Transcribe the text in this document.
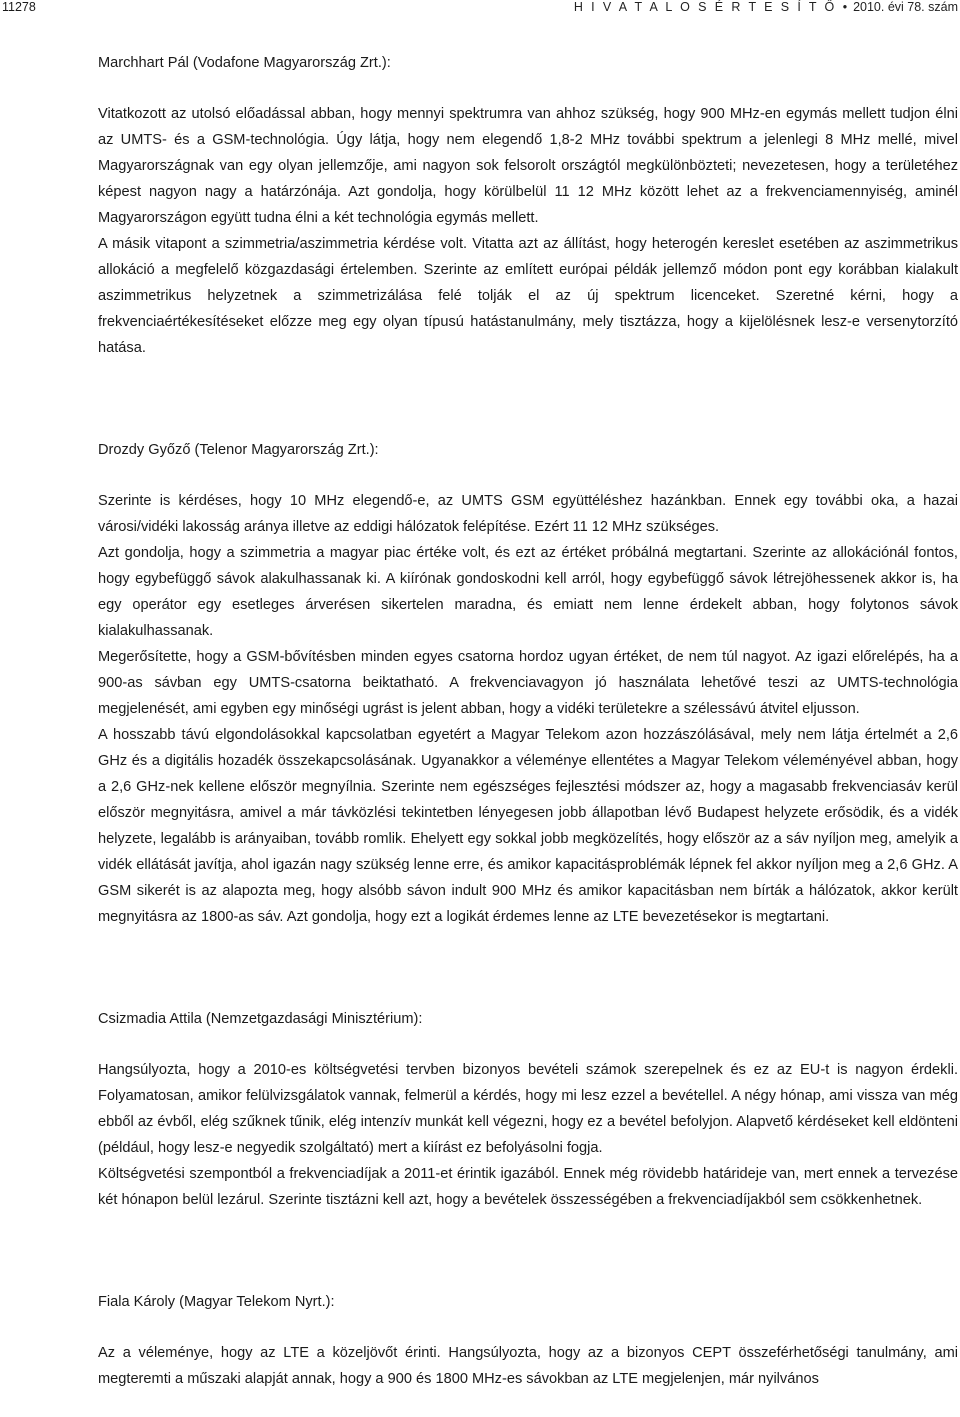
11278	H I V A T A L O S É R T E S Í T Ő • 2010. évi 78. szám
Marchhart Pál (Vodafone Magyarország Zrt.):

Vitatkozott az utolsó előadással abban, hogy mennyi spektrumra van ahhoz szükség, hogy 900 MHz-en egymás mellett tudjon élni az UMTS- és a GSM-technológia. Úgy látja, hogy nem elegendő 1,8-2 MHz további spektrum a jelenlegi 8 MHz mellé, mivel Magyarországnak van egy olyan jellemzője, ami nagyon sok felsorolt országtól megkülönbözteti; nevezetesen, hogy a területéhez képest nagyon nagy a határzónája. Azt gondolja, hogy körülbelül 11 12 MHz között lehet az a frekvenciamennyiség, aminél Magyarországon együtt tudna élni a két technológia egymás mellett.

A másik vitapont a szimmetria/aszimmetria kérdése volt. Vitatta azt az állítást, hogy heterogén kereslet esetében az aszimmetrikus allokáció a megfelelő közgazdasági értelemben. Szerinte az említett európai példák jellemző módon pont egy korábban kialakult aszimmetrikus helyzetnek a szimmetrizálása felé tolják el az új spektrum licenceket. Szeretné kérni, hogy a frekvenciaértékesítéseket előzze meg egy olyan típusú hatástanulmány, mely tisztázza, hogy a kijelölésnek lesz-e versenytorzító hatása.

Drozdy Győző (Telenor Magyarország Zrt.):

Szerinte is kérdéses, hogy 10 MHz elegendő-e, az UMTS GSM együttéléshez hazánkban. Ennek egy további oka, a hazai városi/vidéki lakosság aránya illetve az eddigi hálózatok felépítése. Ezért 11 12 MHz szükséges.

Azt gondolja, hogy a szimmetria a magyar piac értéke volt, és ezt az értéket próbálná megtartani. Szerinte az allokációnál fontos, hogy egybefüggő sávok alakulhassanak ki. A kiírónak gondoskodni kell arról, hogy egybefüggő sávok létrejöhessenek akkor is, ha egy operátor egy esetleges árverésen sikertelen maradna, és emiatt nem lenne érdekelt abban, hogy folytonos sávok kialakulhassanak.

Megerősítette, hogy a GSM-bővítésben minden egyes csatorna hordoz ugyan értéket, de nem túl nagyot. Az igazi előrelépés, ha a 900-as sávban egy UMTS-csatorna beiktatható. A frekvenciavagyon jó használata lehetővé teszi az UMTS-technológia megjelenését, ami egyben egy minőségi ugrást is jelent abban, hogy a vidéki területekre a szélessávú átvitel eljusson.

A hosszabb távú elgondolásokkal kapcsolatban egyetért a Magyar Telekom azon hozzászólásával, mely nem látja értelmét a 2,6 GHz és a digitális hozadék összekapcsolásának. Ugyanakkor a véleménye ellentétes a Magyar Telekom véleményével abban, hogy a 2,6 GHz-nek kellene először megnyílnia. Szerinte nem egészséges fejlesztési módszer az, hogy a magasabb frekvenciasáv kerül először megnyitásra, amivel a már távközlési tekintetben lényegesen jobb állapotban lévő Budapest helyzete erősödik, és a vidék helyzete, legalább is arányaiban, tovább romlik. Ehelyett egy sokkal jobb megközelítés, hogy először az a sáv nyíljon meg, amelyik a vidék ellátását javítja, ahol igazán nagy szükség lenne erre, és amikor kapacitásproblémák lépnek fel akkor nyíljon meg a 2,6 GHz. A GSM sikerét is az alapozta meg, hogy alsóbb sávon indult 900 MHz és amikor kapacitásban nem bírták a hálózatok, akkor került megnyitásra az 1800-as sáv. Azt gondolja, hogy ezt a logikát érdemes lenne az LTE bevezetésekor is megtartani.

Csizmadia Attila (Nemzetgazdasági Minisztérium):

Hangsúlyozta, hogy a 2010-es költségvetési tervben bizonyos bevételi számok szerepelnek és ez az EU-t is nagyon érdekli. Folyamatosan, amikor felülvizsgálatok vannak, felmerül a kérdés, hogy mi lesz ezzel a bevétellel. A négy hónap, ami vissza van még ebből az évből, elég szűknek tűnik, elég intenzív munkát kell végezni, hogy ez a bevétel befolyjon. Alapvető kérdéseket kell eldönteni (például, hogy lesz-e negyedik szolgáltató) mert a kiírást ez befolyásolni fogja.

Költségvetési szempontból a frekvenciadíjak a 2011-et érintik igazából. Ennek még rövidebb határideje van, mert ennek a tervezése két hónapon belül lezárul. Szerinte tisztázni kell azt, hogy a bevételek összességében a frekvenciadíjakból sem csökkenhetnek.

Fiala Károly (Magyar Telekom Nyrt.):

Az a véleménye, hogy az LTE a közeljövőt érinti. Hangsúlyozta, hogy az a bizonyos CEPT összeférhetőségi tanulmány, ami megteremti a műszaki alapját annak, hogy a 900 és 1800 MHz-es sávokban az LTE megjelenjen, már nyilvános
